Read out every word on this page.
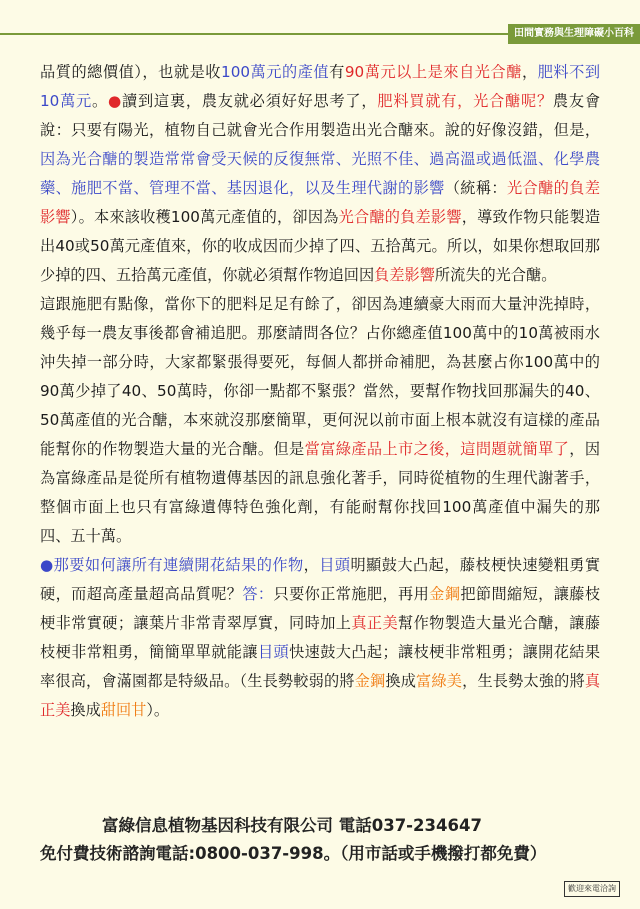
田間實務與生理障礙小百科

品質的總價值），也就是收100萬元的產值有90萬元以上是來自光合醣，肥料不到10萬元。●讀到這裏，農友就必須好好思考了，肥料買就有，光合醣呢？農友會說：只要有陽光，植物自己就會光合作用製造出光合醣來。說的好像沒錯，但是，因為光合醣的製造常常會受天候的反復無常、光照不佳、過高溫或過低溫、化學農藥、施肥不當、管理不當、基因退化，以及生理代謝的影響（統稱：光合醣的負差影響）。本來該收穫100萬元產值的，卻因為光合醣的負差影響，導致作物只能製造出40或50萬元產值來，你的收成因而少掉了四、五拾萬元。所以，如果你想取回那少掉的四、五拾萬元產值，你就必須幫作物追回因負差影響所流失的光合醣。

這跟施肥有點像，當你下的肥料足足有餘了，卻因為連續豪大雨而大量沖洗掉時，幾乎每一農友事後都會補追肥。那麼請問各位？占你總產值100萬中的10萬被雨水沖失掉一部分時，大家都緊張得要死，每個人都拼命補肥，為甚麼占你100萬中的90萬少掉了40、50萬時，你卻一點都不緊張？當然，要幫作物找回那漏失的40、50萬產值的光合醣，本來就沒那麼簡單，更何況以前市面上根本就沒有這樣的產品能幫你的作物製造大量的光合醣。但是當富綠產品上市之後，這問題就簡單了，因為富綠產品是從所有植物遺傳基因的訊息強化著手，同時從植物的生理代謝著手，整個市面上也只有富綠遺傳特色強化劑，有能耐幫你找回100萬產值中漏失的那四、五十萬。

●那要如何讓所有連續開花結果的作物，目頭明顯鼓大凸起，藤枝梗快速變粗勇實硬，而超高產量超高品質呢？答：只要你正常施肥，再用金鋼把節間縮短，讓藤枝梗非常實硬；讓葉片非常青翠厚實，同時加上真正美幫作物製造大量光合醣，讓藤枝梗非常粗勇，簡簡單單就能讓目頭快速鼓大凸起；讓枝梗非常粗勇；讓開花結果率很高，會滿園都是特級品。（生長勢較弱的將金鋼換成富綠美，生長勢太強的將真正美換成甜回甘）。

富綠信息植物基因科技有限公司 電話037-234647
免付費技術諮詢電話:0800-037-998。（用市話或手機撥打都免費）
歡迎來電洽詢
